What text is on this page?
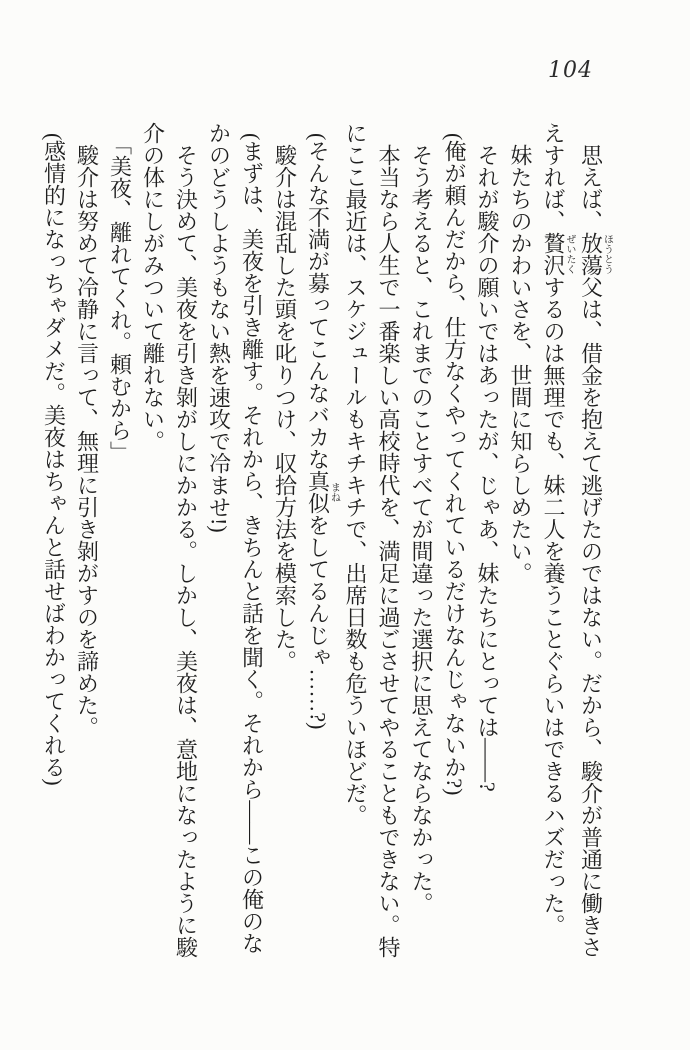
104

思えば、放蕩ほうとう父は、借金を抱えて逃げたのではない。だから、駿介が普通に働きさ

えすれば、贅沢ぜいたくするのは無理でも、妹二人を養うことぐらいはできるハズだった。

妹たちのかわいさを、世間に知らしめたい。

それが駿介の願いではあったが、じゃあ、妹たちにとっては――?

(俺が頼んだから、仕方なくやってくれているだけなんじゃないか?)

そう考えると、これまでのことすべてが間違った選択に思えてならなかった。

本当なら人生で一番楽しい高校時代を、満足に過ごさせてやることもできない。特

にここ最近は、スケジュールもキチキチで、出席日数も危ういほどだ。

(そんな不満が募ってこんなバカな真似まねをしてるんじゃ……?)

駿介は混乱した頭を叱りつけ、収拾方法を模索した。

(まずは、美夜を引き離す。それから、きちんと話を聞く。それから――この俺のな

かのどうしようもない熱を速攻で冷ませ!)

そう決めて、美夜を引き剝がしにかかる。しかし、美夜は、意地になったように駿

介の体にしがみついて離れない。

「美夜、離れてくれ。頼むから」

駿介は努めて冷静に言って、無理に引き剝がすのを諦めた。

(感情的になっちゃダメだ。美夜はちゃんと話せばわかってくれる)
